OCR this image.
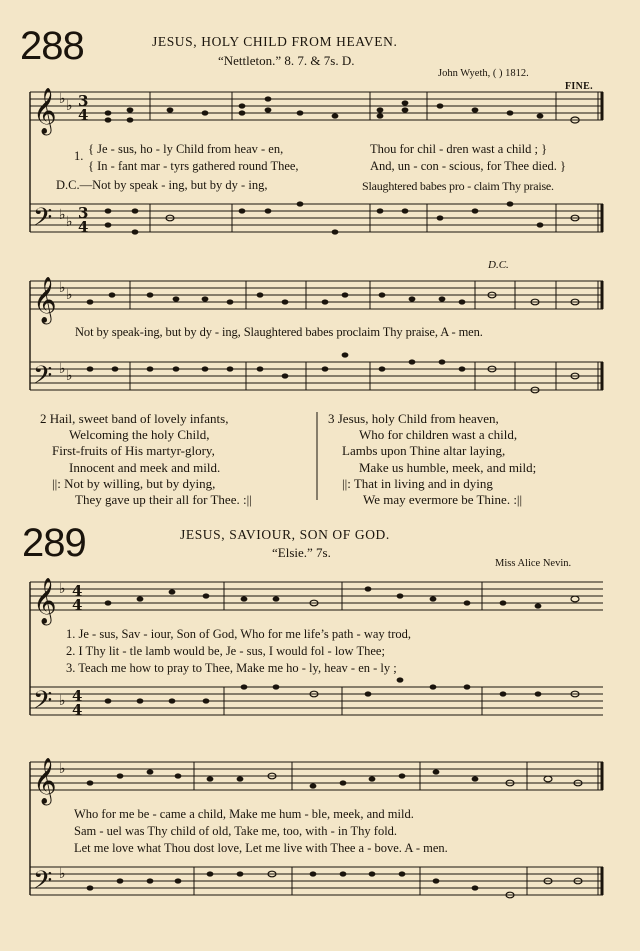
288	JESUS, HOLY CHILD FROM HEAVEN.
“Nettleton.” 8. 7. & 7s. D.
John Wyeth, ( ) 1812.
FINE.
𝄞
𝄢
𝄞
𝄢
𝄞
𝄢
𝄞
𝄢
♭ ♭
♭ ♭
♭ ♭
♭ ♭
♭
♭
♭
♭
3
4
3
4
4
4
4
4
1. { Je - sus, ho - ly Child from heav - en,	Thou for chil - dren wast a child ; }
{ In - fant mar - tyrs gathered round Thee,	And, un - con - scious, for Thee died. }
D.C.—Not by speak - ing, but by dy - ing,	Slaughtered babes pro - claim Thy praise.
D.C.
Not by speak-ing, but by dy - ing, Slaughtered babes proclaim Thy praise, A - men.
2 Hail, sweet band of lovely infants,
Welcoming the holy Child,
First-fruits of His martyr-glory,
Innocent and meek and mild.
||: Not by willing, but by dying,
They gave up their all for Thee. :||
3 Jesus, holy Child from heaven,
Who for children wast a child,
Lambs upon Thine altar laying,
Make us humble, meek, and mild;
||: That in living and in dying
We may evermore be Thine. :||
289	JESUS, SAVIOUR, SON OF GOD.
“Elsie.” 7s.
Miss Alice Nevin.
1. Je - sus, Sav - iour, Son of God, Who for me life’s path - way trod,
2. I Thy lit - tle lamb would be, Je - sus, I would fol - low Thee;
3. Teach me how to pray to Thee, Make me ho - ly, heav - en - ly ;
Who for me be - came a child, Make me hum - ble, meek, and mild.
Sam - uel was Thy child of old, Take me, too, with - in Thy fold.
Let me love what Thou dost love, Let me live with Thee a - bove. A - men.
